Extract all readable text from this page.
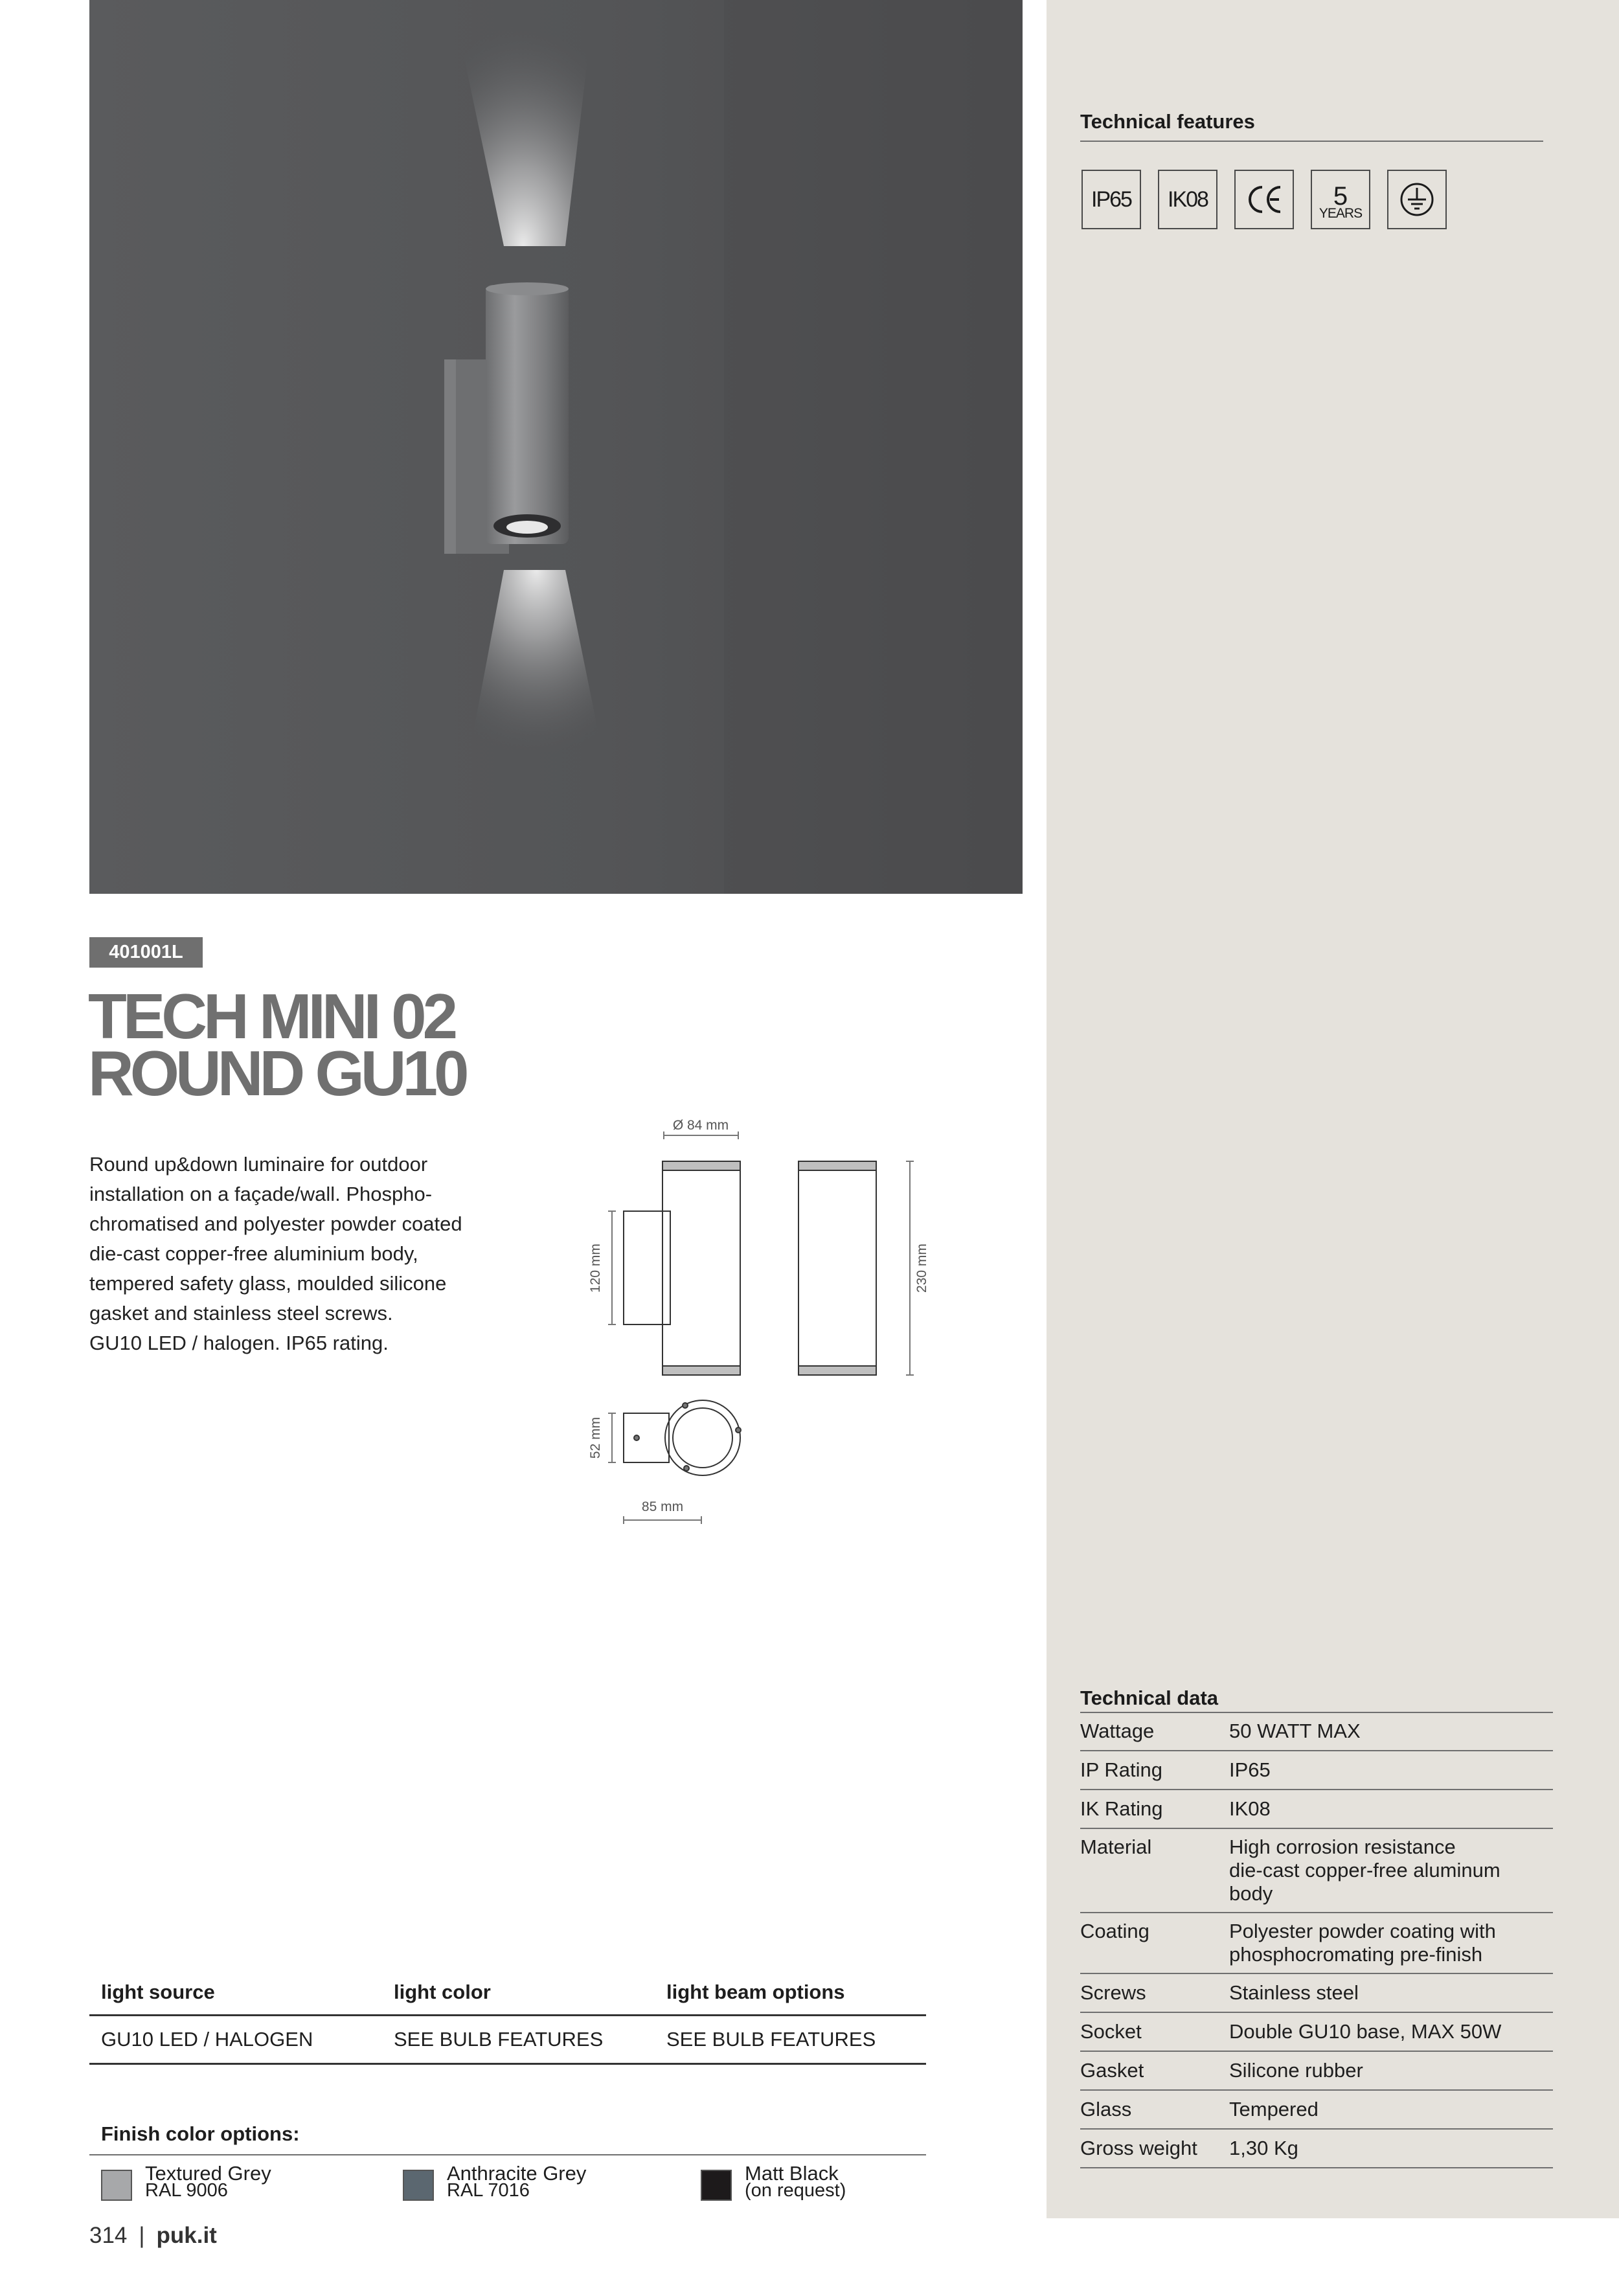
Technical features
IP65	IK08	5
YEARS
401001L
TECH MINI 02
ROUND GU10
Round up&down luminaire for outdoor
installation on a façade/wall. Phospho-
chromatised and polyester powder coated
die-cast copper-free aluminium body,
tempered safety glass, moulded silicone
gasket and stainless steel screws.
GU10 LED / halogen. IP65 rating.
Ø 84 mm
120 mm	230 mm
52 mm
85 mm
Technical data
Wattage	50 WATT MAX
IP Rating	IP65
IK Rating	IK08
Material	High corrosion resistance
die-cast copper-free aluminum
body
Coating	Polyester powder coating with
phosphocromating pre-finish
Screws	Stainless steel
Socket	Double GU10 base, MAX 50W
Gasket	Silicone rubber
Glass	Tempered
Gross weight	1,30 Kg
light source	light color	light beam options
GU10 LED / HALOGEN	SEE BULB FEATURES	SEE BULB FEATURES
Finish color options:
Textured Grey
RAL 9006
Anthracite Grey
RAL 7016
Matt Black
(on request)
314 | puk.it
